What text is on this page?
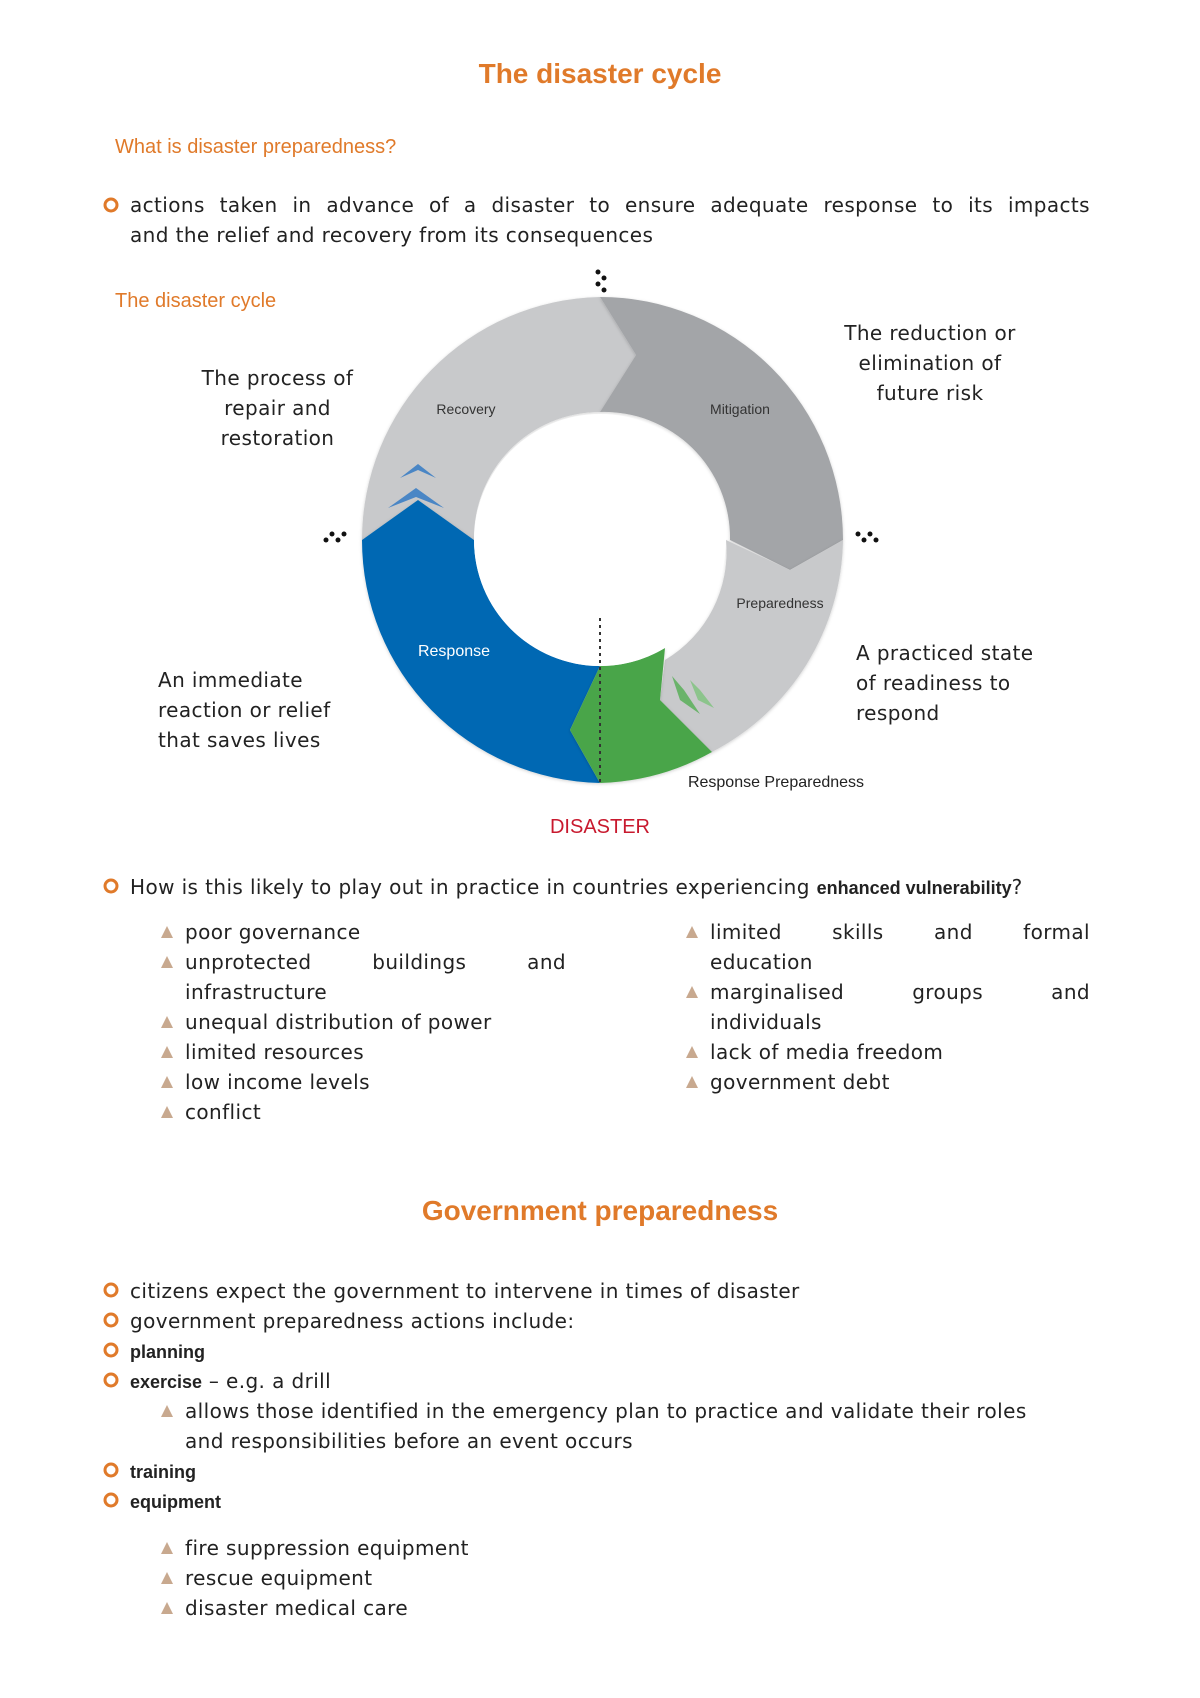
The disaster cycle
What is disaster preparedness?
actions taken in advance of a disaster to ensure adequate response to its impacts
and the relief and recovery from its consequences
The disaster cycle
Recovery	Mitigation
Preparedness
Response
Response Preparedness
DISASTER
The process of
repair and
restoration
The reduction or
elimination of
future risk
A practiced state
of readiness to
respond
An immediate
reaction or relief
that saves lives
How is this likely to play out in practice in countries experiencing enhanced vulnerability?
poor governance
unprotected buildings and
infrastructure
unequal distribution of power
limited resources
low income levels
conflict
limited skills and formal
education
marginalised groups and
individuals
lack of media freedom
government debt
Government preparedness
citizens expect the government to intervene in times of disaster
government preparedness actions include:
planning
exercise – e.g. a drill
allows those identified in the emergency plan to practice and validate their roles
and responsibilities before an event occurs
training
equipment
fire suppression equipment
rescue equipment
disaster medical care
